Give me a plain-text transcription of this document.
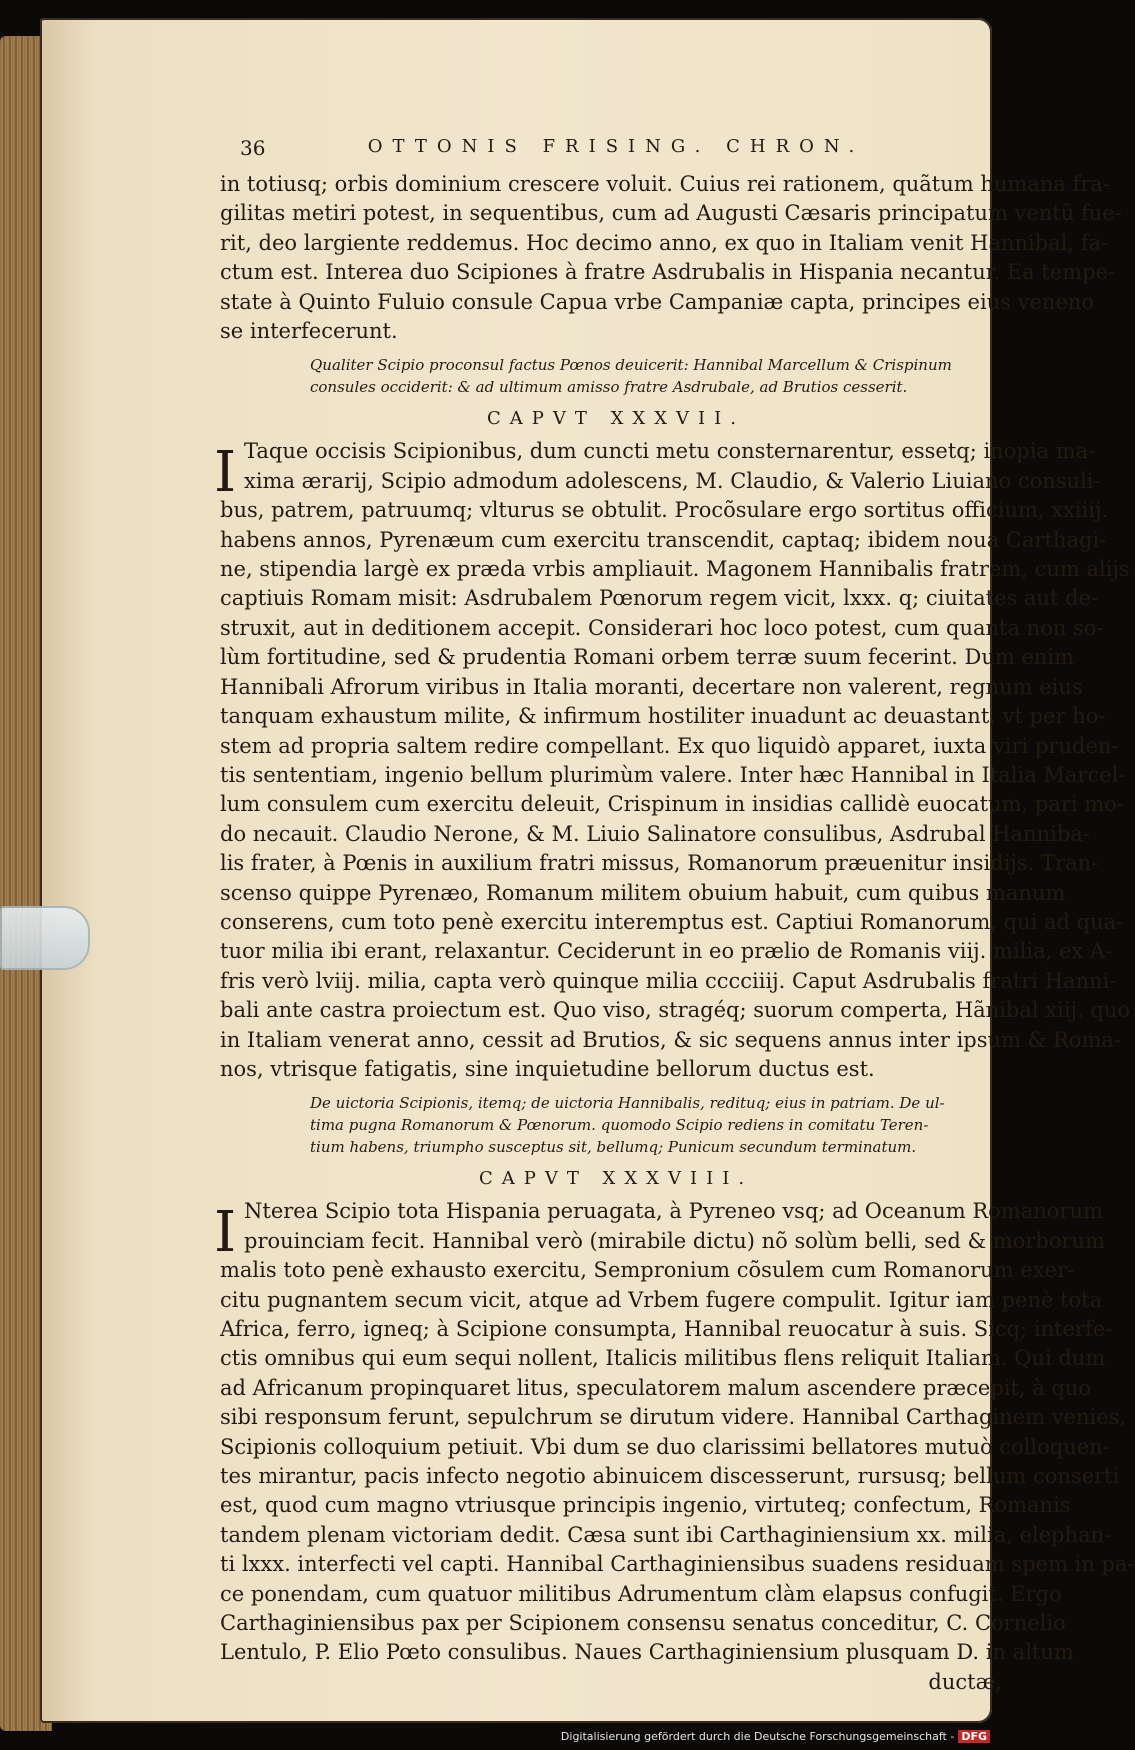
36	OTTONIS FRISING. CHRON.

in totiusq; orbis dominium crescere voluit. Cuius rei rationem, quãtum humana fra-

gilitas metiri potest, in sequentibus, cum ad Augusti Cæsaris principatum ventũ fue-

rit, deo largiente reddemus. Hoc decimo anno, ex quo in Italiam venit Hannibal, fa-

ctum est. Interea duo Scipiones à fratre Asdrubalis in Hispania necantur. Ea tempe-

state à Quinto Fuluio consule Capua vrbe Campaniæ capta, principes eius veneno

se interfecerunt.

Qualiter Scipio proconsul factus Pœnos deuicerit: Hannibal Marcellum & Crispinum

consules occiderit: & ad ultimum amisso fratre Asdrubale, ad Brutios cesserit.

CAPVT XXXVII.
I Taque occisis Scipionibus, dum cuncti metu consternarentur, essetq; inopia ma-

xima ærarij, Scipio admodum adolescens, M. Claudio, & Valerio Liuiano consuli-

bus, patrem, patruumq; vlturus se obtulit. Procõsulare ergo sortitus officium, xxiiij.

habens annos, Pyrenæum cum exercitu transcendit, captaq; ibidem noua Carthagi-

ne, stipendia largè ex præda vrbis ampliauit. Magonem Hannibalis fratrem, cum alijs

captiuis Romam misit: Asdrubalem Pœnorum regem vicit, lxxx. q; ciuitates aut de-

struxit, aut in deditionem accepit. Considerari hoc loco potest, cum quanta non so-

lùm fortitudine, sed & prudentia Romani orbem terræ suum fecerint. Dum enim

Hannibali Afrorum viribus in Italia moranti, decertare non valerent, regnum eius

tanquam exhaustum milite, & infirmum hostiliter inuadunt ac deuastant, vt per ho-

stem ad propria saltem redire compellant. Ex quo liquidò apparet, iuxta viri pruden-

tis sententiam, ingenio bellum plurimùm valere. Inter hæc Hannibal in Italia Marcel-

lum consulem cum exercitu deleuit, Crispinum in insidias callidè euocatum, pari mo-

do necauit. Claudio Nerone, & M. Liuio Salinatore consulibus, Asdrubal Hanniba-

lis frater, à Pœnis in auxilium fratri missus, Romanorum præuenitur insidijs. Tran-

scenso quippe Pyrenæo, Romanum militem obuium habuit, cum quibus manum

conserens, cum toto penè exercitu interemptus est. Captiui Romanorum, qui ad qua-

tuor milia ibi erant, relaxantur. Ceciderunt in eo prælio de Romanis viij. milia, ex A-

fris verò lviij. milia, capta verò quinque milia cccciiij. Caput Asdrubalis fratri Hanni-

bali ante castra proiectum est. Quo viso, stragéq; suorum comperta, Hãnibal xiij. quo

in Italiam venerat anno, cessit ad Brutios, & sic sequens annus inter ipsum & Roma-

nos, vtrisque fatigatis, sine inquietudine bellorum ductus est.

De uictoria Scipionis, itemq; de uictoria Hannibalis, redituq; eius in patriam. De ul-

tima pugna Romanorum & Pœnorum. quomodo Scipio rediens in comitatu Teren-

tium habens, triumpho susceptus sit, bellumq; Punicum secundum terminatum.

CAPVT XXXVIII.
I Nterea Scipio tota Hispania peruagata, à Pyreneo vsq; ad Oceanum Romanorum

prouinciam fecit. Hannibal verò (mirabile dictu) nõ solùm belli, sed & morborum

malis toto penè exhausto exercitu, Sempronium cõsulem cum Romanorum exer-

citu pugnantem secum vicit, atque ad Vrbem fugere compulit. Igitur iam penè tota

Africa, ferro, igneq; à Scipione consumpta, Hannibal reuocatur à suis. Sicq; interfe-

ctis omnibus qui eum sequi nollent, Italicis militibus flens reliquit Italiam. Qui dum

ad Africanum propinquaret litus, speculatorem malum ascendere præcepit, à quo

sibi responsum ferunt, sepulchrum se dirutum videre. Hannibal Carthaginem venies,

Scipionis colloquium petiuit. Vbi dum se duo clarissimi bellatores mutuò colloquen-

tes mirantur, pacis infecto negotio abinuicem discesserunt, rursusq; bellum conserti

est, quod cum magno vtriusque principis ingenio, virtuteq; confectum, Romanis

tandem plenam victoriam dedit. Cæsa sunt ibi Carthaginiensium xx. milia, elephan-

ti lxxx. interfecti vel capti. Hannibal Carthaginiensibus suadens residuam spem in pa-

ce ponendam, cum quatuor militibus Adrumentum clàm elapsus confugit. Ergo

Carthaginiensibus pax per Scipionem consensu senatus conceditur, C. Cornelio

Lentulo, P. Elio Pœto consulibus. Naues Carthaginiensium plusquam D. in altum

ductæ,

Digitalisierung gefördert durch die Deutsche Forschungsgemeinschaft - DFG
